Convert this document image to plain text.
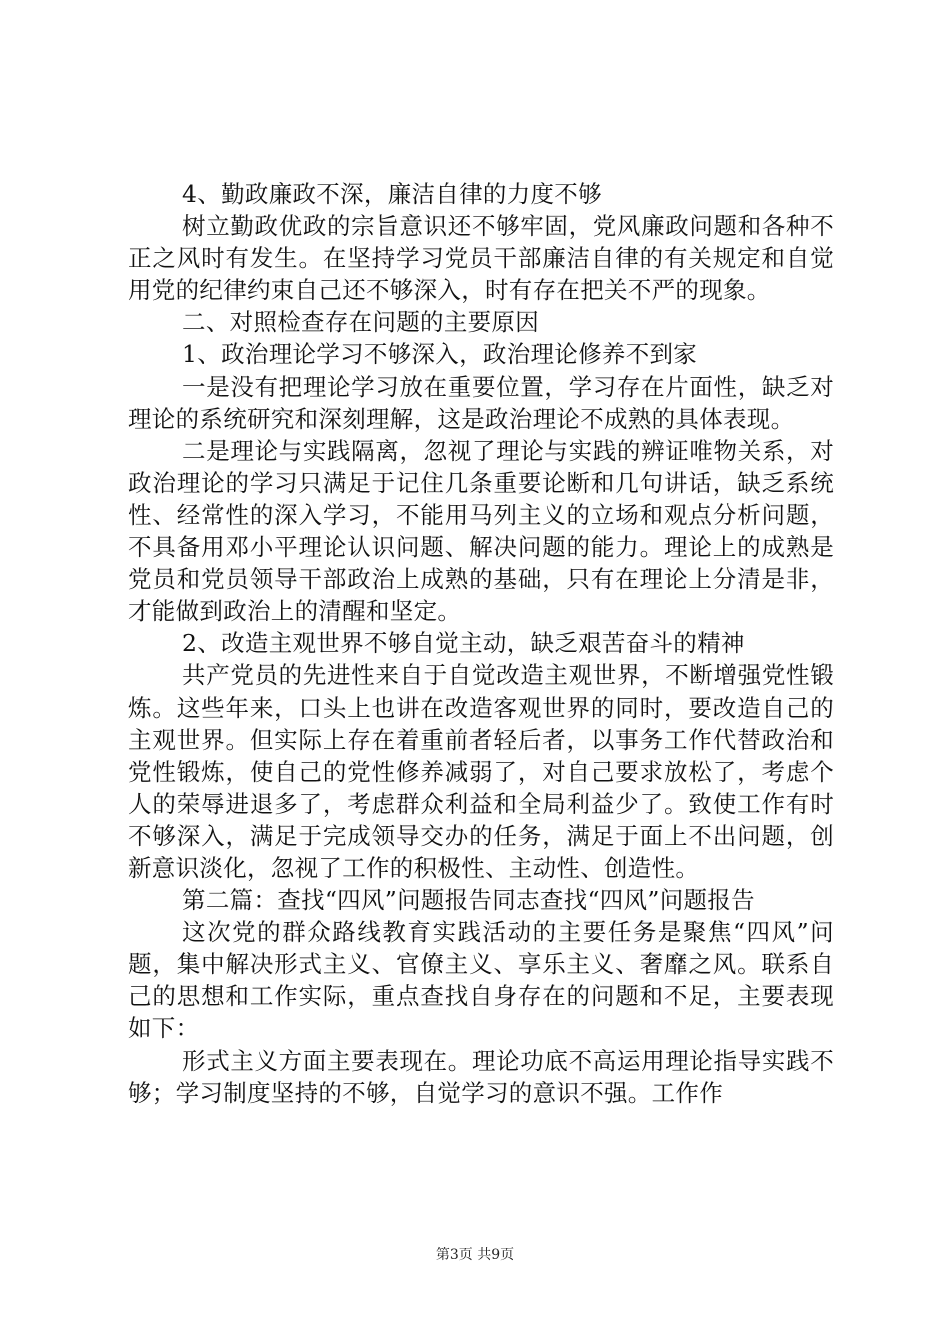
4、勤政廉政不深，廉洁自律的力度不够

树立勤政优政的宗旨意识还不够牢固，党风廉政问题和各种不正之风时有发生。在坚持学习党员干部廉洁自律的有关规定和自觉用党的纪律约束自己还不够深入，时有存在把关不严的现象。

二、对照检查存在问题的主要原因

1、政治理论学习不够深入，政治理论修养不到家

一是没有把理论学习放在重要位置，学习存在片面性，缺乏对理论的系统研究和深刻理解，这是政治理论不成熟的具体表现。

二是理论与实践隔离，忽视了理论与实践的辨证唯物关系，对政治理论的学习只满足于记住几条重要论断和几句讲话，缺乏系统性、经常性的深入学习，不能用马列主义的立场和观点分析问题，不具备用邓小平理论认识问题、解决问题的能力。理论上的成熟是党员和党员领导干部政治上成熟的基础，只有在理论上分清是非，才能做到政治上的清醒和坚定。

2、改造主观世界不够自觉主动，缺乏艰苦奋斗的精神

共产党员的先进性来自于自觉改造主观世界，不断增强党性锻炼。这些年来，口头上也讲在改造客观世界的同时，要改造自己的主观世界。但实际上存在着重前者轻后者，以事务工作代替政治和党性锻炼，使自己的党性修养减弱了，对自己要求放松了，考虑个人的荣辱进退多了，考虑群众利益和全局利益少了。致使工作有时不够深入，满足于完成领导交办的任务，满足于面上不出问题，创新意识淡化，忽视了工作的积极性、主动性、创造性。

第二篇：查找“四风”问题报告同志查找“四风”问题报告

这次党的群众路线教育实践活动的主要任务是聚焦“四风”问题，集中解决形式主义、官僚主义、享乐主义、奢靡之风。联系自己的思想和工作实际，重点查找自身存在的问题和不足，主要表现如下：

形式主义方面主要表现在。理论功底不高运用理论指导实践不够；学习制度坚持的不够，自觉学习的意识不强。工作作

第3页 共9页
